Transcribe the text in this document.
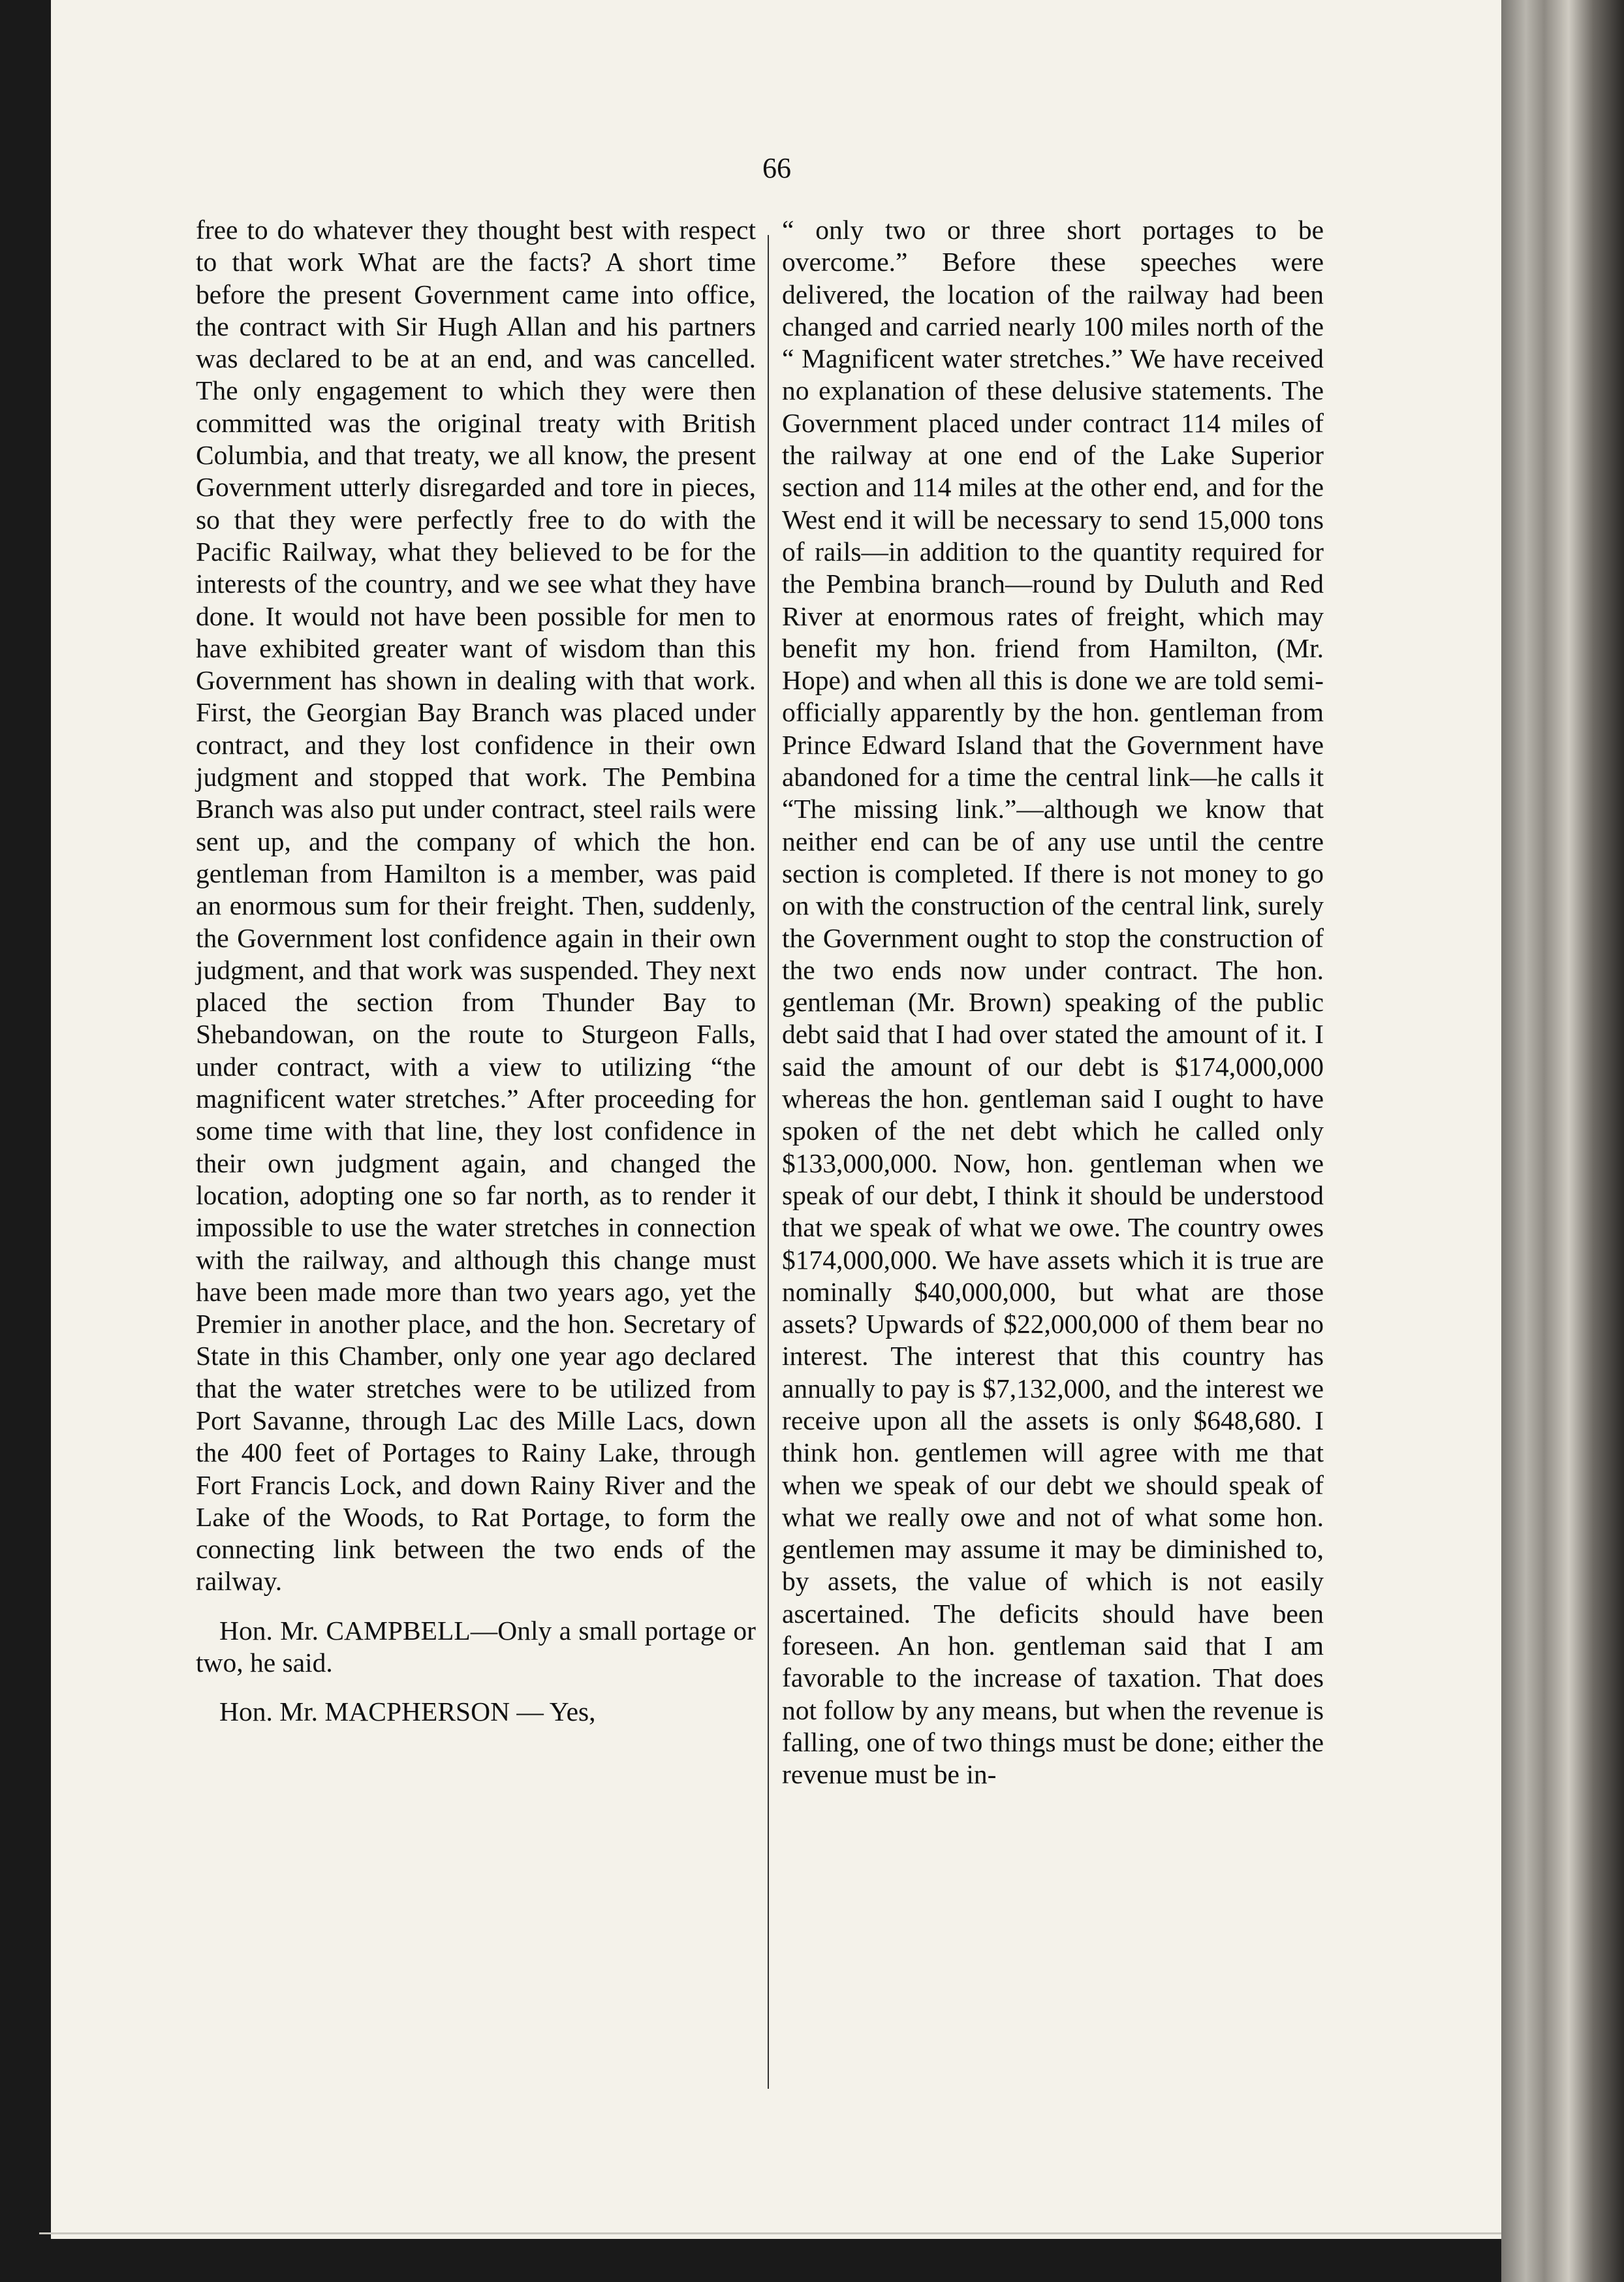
66

free to do whatever they thought best with respect to that work What are the facts? A short time before the present Government came into office, the contract with Sir Hugh Allan and his partners was declared to be at an end, and was cancelled. The only engagement to which they were then committed was the original treaty with British Columbia, and that treaty, we all know, the present Government utterly disregarded and tore in pieces, so that they were perfectly free to do with the Pacific Railway, what they believed to be for the interests of the country, and we see what they have done. It would not have been possible for men to have exhibited greater want of wisdom than this Government has shown in dealing with that work. First, the Georgian Bay Branch was placed under contract, and they lost confidence in their own judgment and stopped that work. The Pembina Branch was also put under contract, steel rails were sent up, and the company of which the hon. gentleman from Hamilton is a member, was paid an enormous sum for their freight. Then, suddenly, the Government lost confidence again in their own judgment, and that work was suspended. They next placed the section from Thunder Bay to Shebandowan, on the route to Sturgeon Falls, under contract, with a view to utilizing “the magnificent water stretches.” After proceeding for some time with that line, they lost confidence in their own judgment again, and changed the location, adopting one so far north, as to render it impossible to use the water stretches in connection with the railway, and although this change must have been made more than two years ago, yet the Premier in another place, and the hon. Secretary of State in this Chamber, only one year ago declared that the water stretches were to be utilized from Port Savanne, through Lac des Mille Lacs, down the 400 feet of Portages to Rainy Lake, through Fort Francis Lock, and down Rainy River and the Lake of the Woods, to Rat Portage, to form the connecting link between the two ends of the railway.

Hon. Mr. CAMPBELL—Only a small portage or two, he said.

Hon. Mr. MACPHERSON — Yes,

“ only two or three short portages to be overcome.” Before these speeches were delivered, the location of the railway had been changed and carried nearly 100 miles north of the “ Magnificent water stretches.” We have received no explanation of these delusive statements. The Government placed under contract 114 miles of the railway at one end of the Lake Superior section and 114 miles at the other end, and for the West end it will be necessary to send 15,000 tons of rails—in addition to the quantity required for the Pembina branch—round by Duluth and Red River at enormous rates of freight, which may benefit my hon. friend from Hamilton, (Mr. Hope) and when all this is done we are told semi-officially apparently by the hon. gentleman from Prince Edward Island that the Government have abandoned for a time the central link—he calls it “The missing link.”—although we know that neither end can be of any use until the centre section is completed. If there is not money to go on with the construction of the central link, surely the Government ought to stop the construction of the two ends now under contract. The hon. gentleman (Mr. Brown) speaking of the public debt said that I had over stated the amount of it. I said the amount of our debt is $174,000,000 whereas the hon. gentleman said I ought to have spoken of the net debt which he called only $133,000,000. Now, hon. gentleman when we speak of our debt, I think it should be understood that we speak of what we owe. The country owes $174,000,000. We have assets which it is true are nominally $40,000,000, but what are those assets? Upwards of $22,000,000 of them bear no interest. The interest that this country has annually to pay is $7,132,000, and the interest we receive upon all the assets is only $648,680. I think hon. gentlemen will agree with me that when we speak of our debt we should speak of what we really owe and not of what some hon. gentlemen may assume it may be diminished to, by assets, the value of which is not easily ascertained. The deficits should have been foreseen. An hon. gentleman said that I am favorable to the increase of taxation. That does not follow by any means, but when the revenue is falling, one of two things must be done; either the revenue must be in-
